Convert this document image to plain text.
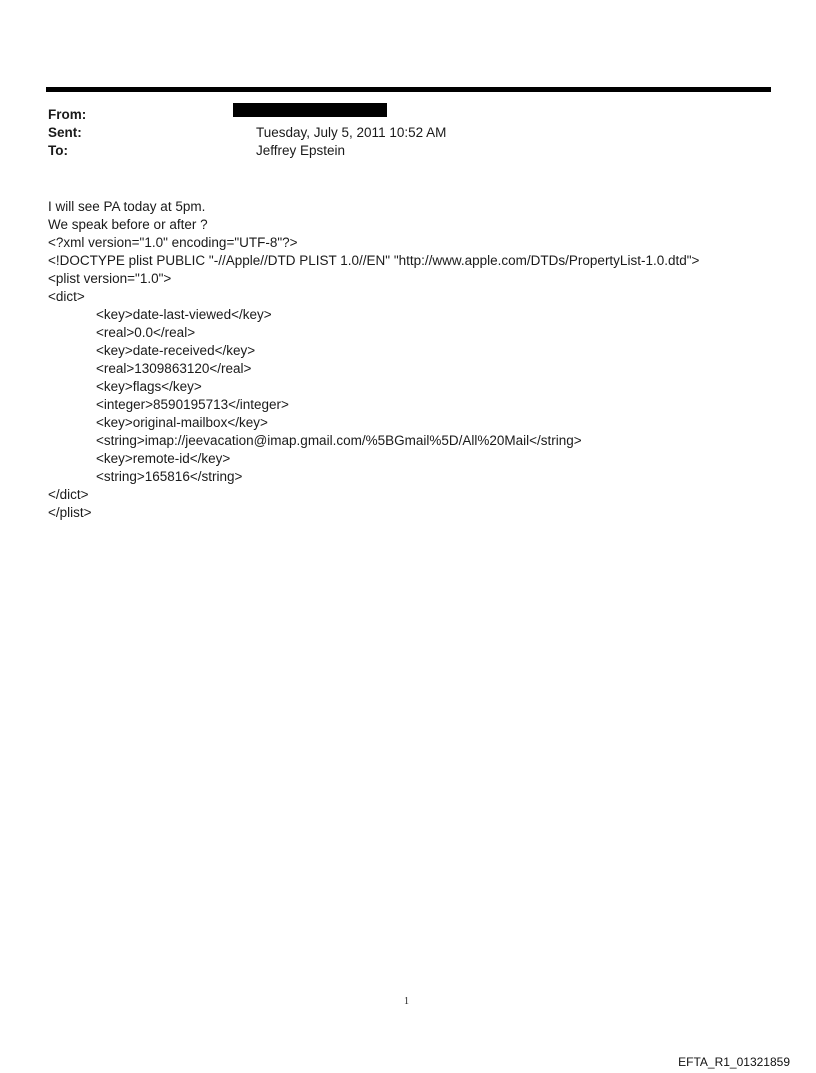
From:
Sent:	Tuesday, July 5, 2011 10:52 AM
To:	Jeffrey Epstein
I will see PA today at 5pm.
We speak before or after ?
<?xml version="1.0" encoding="UTF-8"?>
<!DOCTYPE plist PUBLIC "-//Apple//DTD PLIST 1.0//EN" "http://www.apple.com/DTDs/PropertyList-1.0.dtd">
<plist version="1.0">
<dict>
<key>date-last-viewed</key>
<real>0.0</real>
<key>date-received</key>
<real>1309863120</real>
<key>flags</key>
<integer>8590195713</integer>
<key>original-mailbox</key>
<string>imap://jeevacation@imap.gmail.com/%5BGmail%5D/All%20Mail</string>
<key>remote-id</key>
<string>165816</string>
</dict>
</plist>
1
EFTA_R1_01321859
